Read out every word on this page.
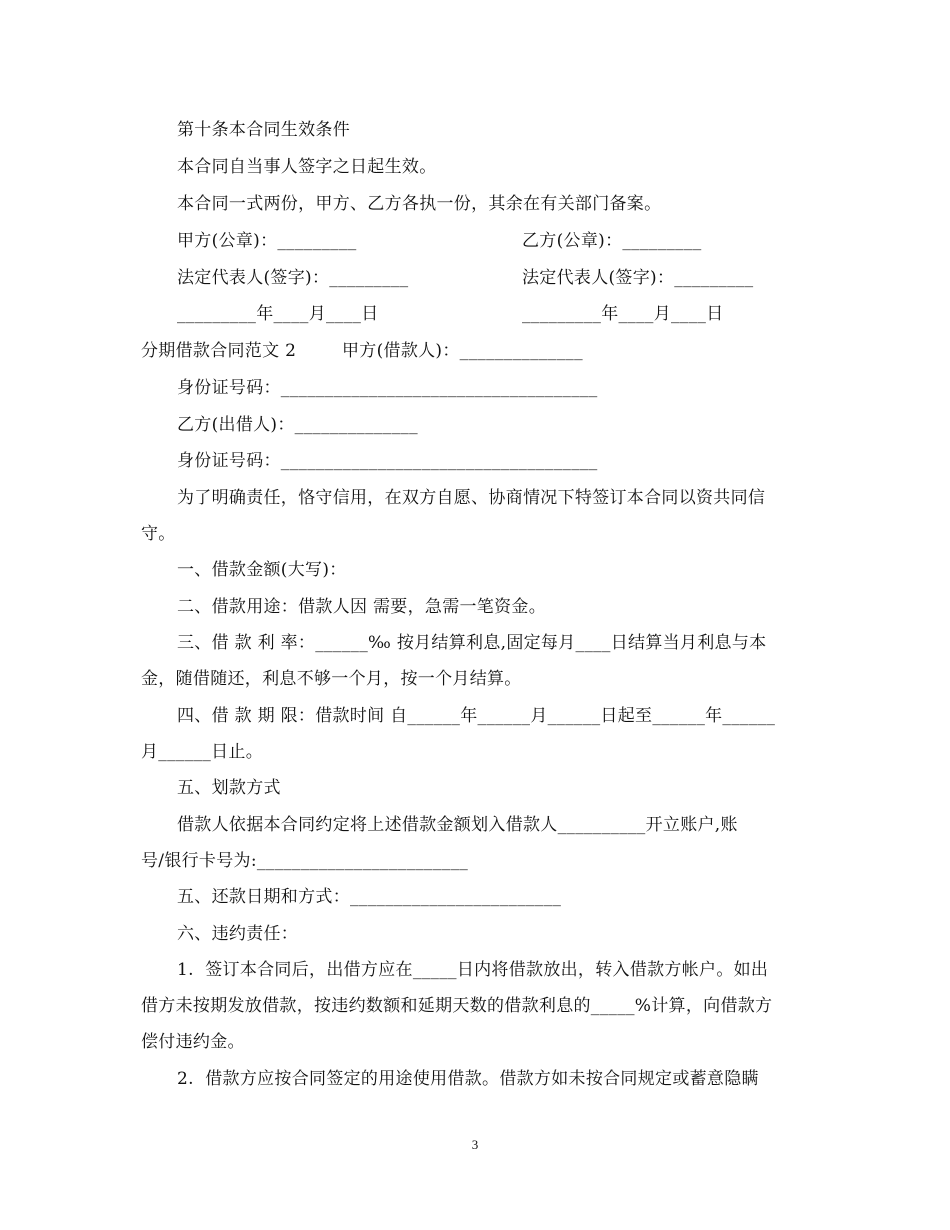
第十条本合同生效条件
本合同自当事人签字之日起生效。
本合同一式两份，甲方、乙方各执一份，其余在有关部门备案。
甲方(公章)：_________	乙方(公章)：_________
法定代表人(签字)：_________	法定代表人(签字)：_________
_________年____月____日	_________年____月____日
分期借款合同范文 2	甲方(借款人)：______________
身份证号码：____________________________________
乙方(出借人)：______________
身份证号码：____________________________________
为了明确责任，恪守信用，在双方自愿、协商情况下特签订本合同以资共同信
守。
一、借款金额(大写)：
二、借款用途：借款人因 需要，急需一笔资金。
三、借 款 利 率：______‰ 按月结算利息,固定每月____日结算当月利息与本
金，随借随还，利息不够一个月，按一个月结算。
四、借 款 期 限：借款时间 自______年______月______日起至______年______
月______日止。
五、划款方式
借款人依据本合同约定将上述借款金额划入借款人__________开立账户,账
号/银行卡号为:________________________
五、还款日期和方式：________________________
六、违约责任：
1.  签订本合同后，出借方应在_____日内将借款放出，转入借款方帐户。如出
借方未按期发放借款，按违约数额和延期天数的借款利息的_____%计算，向借款方
偿付违约金。
2.  借款方应按合同签定的用途使用借款。借款方如未按合同规定或蓄意隐瞒
3
